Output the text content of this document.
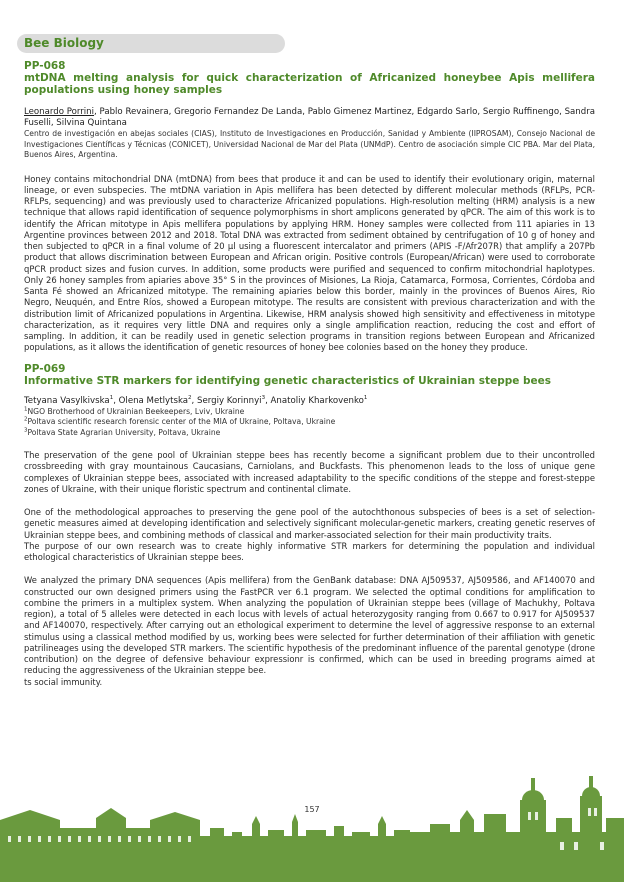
Bee Biology

PP-068

mtDNA melting analysis for quick characterization of Africanized honeybee Apis mellifera populations using honey samples

Leonardo Porrini, Pablo Revainera, Gregorio Fernandez De Landa, Pablo Gimenez Martinez, Edgardo Sarlo, Sergio Ruffinengo, Sandra Fuselli, Silvina Quintana

Centro de investigación en abejas sociales (CIAS), Instituto de Investigaciones en Producción, Sanidad y Ambiente (IIPROSAM), Consejo Nacional de Investigaciones Científicas y Técnicas (CONICET), Universidad Nacional de Mar del Plata (UNMdP). Centro de asociación simple CIC PBA. Mar del Plata, Buenos Aires, Argentina.

Honey contains mitochondrial DNA (mtDNA) from bees that produce it and can be used to identify their evolutionary origin, maternal lineage, or even subspecies. The mtDNA variation in Apis mellifera has been detected by different molecular methods (RFLPs, PCR-RFLPs, sequencing) and was previously used to characterize Africanized populations. High-resolution melting (HRM) analysis is a new technique that allows rapid identification of sequence polymorphisms in short amplicons generated by qPCR. The aim of this work is to identify the African mitotype in Apis mellifera populations by applying HRM. Honey samples were collected from 111 apiaries in 13 Argentine provinces between 2012 and 2018. Total DNA was extracted from sediment obtained by centrifugation of 10 g of honey and then subjected to qPCR in a final volume of 20 µl using a fluorescent intercalator and primers (APIS -F/Afr207R) that amplify a 207Pb product that allows discrimination between European and African origin. Positive controls (European/African) were used to corroborate qPCR product sizes and fusion curves. In addition, some products were purified and sequenced to confirm mitochondrial haplotypes. Only 26 honey samples from apiaries above 35° S in the provinces of Misiones, La Rioja, Catamarca, Formosa, Corrientes, Córdoba and Santa Fé showed an Africanized mitotype. The remaining apiaries below this border, mainly in the provinces of Buenos Aires, Rio Negro, Neuquén, and Entre Ríos, showed a European mitotype. The results are consistent with previous characterization and with the distribution limit of Africanized populations in Argentina. Likewise, HRM analysis showed high sensitivity and effectiveness in mitotype characterization, as it requires very little DNA and requires only a single amplification reaction, reducing the cost and effort of sampling. In addition, it can be readily used in genetic selection programs in transition regions between European and Africanized populations, as it allows the identification of genetic resources of honey bee colonies based on the honey they produce.

PP-069

Informative STR markers for identifying genetic characteristics of Ukrainian steppe bees

Tetyana Vasylkivska$^1$, Olena Metlytska$^2$, Sergiy Korinnyi$^3$, Anatoliy Kharkovenko$^1$

$^1$NGO Brotherhood of Ukrainian Beekeepers, Lviv, Ukraine

$^2$Poltava scientific research forensic center of the MIA of Ukraine, Poltava, Ukraine

$^3$Poltava State Agrarian University, Poltava, Ukraine

The preservation of the gene pool of Ukrainian steppe bees has recently become a significant problem due to their uncontrolled crossbreeding with gray mountainous Caucasians, Carniolans, and Buckfasts. This phenomenon leads to the loss of unique gene complexes of Ukrainian steppe bees, associated with increased adaptability to the specific conditions of the steppe and forest-steppe zones of Ukraine, with their unique floristic spectrum and continental climate.

One of the methodological approaches to preserving the gene pool of the autochthonous subspecies of bees is a set of selection-genetic measures aimed at developing identification and selectively significant molecular-genetic markers, creating genetic reserves of Ukrainian steppe bees, and combining methods of classical and marker-associated selection for their main productivity traits.

The purpose of our own research was to create highly informative STR markers for determining the population and individual ethological characteristics of Ukrainian steppe bees.

We analyzed the primary DNA sequences (Apis mellifera) from the GenBank database: DNA AJ509537, AJ509586, and AF140070 and constructed our own designed primers using the FastPCR ver 6.1 program. We selected the optimal conditions for amplification to combine the primers in a multiplex system. When analyzing the population of Ukrainian steppe bees (village of Machukhy, Poltava region), a total of 5 alleles were detected in each locus with levels of actual heterozygosity ranging from 0.667 to 0.917 for AJ509537 and AF140070, respectively. After carrying out an ethological experiment to determine the level of aggressive response to an external stimulus using a classical method modified by us, working bees were selected for further determination of their affiliation with genetic patrilineages using the developed STR markers. The scientific hypothesis of the predominant influence of the parental genotype (drone contribution) on the degree of defensive behaviour expressionr is confirmed, which can be used in breeding programs aimed at reducing the aggressiveness of the Ukrainian steppe bee.

ts social immunity.

157
